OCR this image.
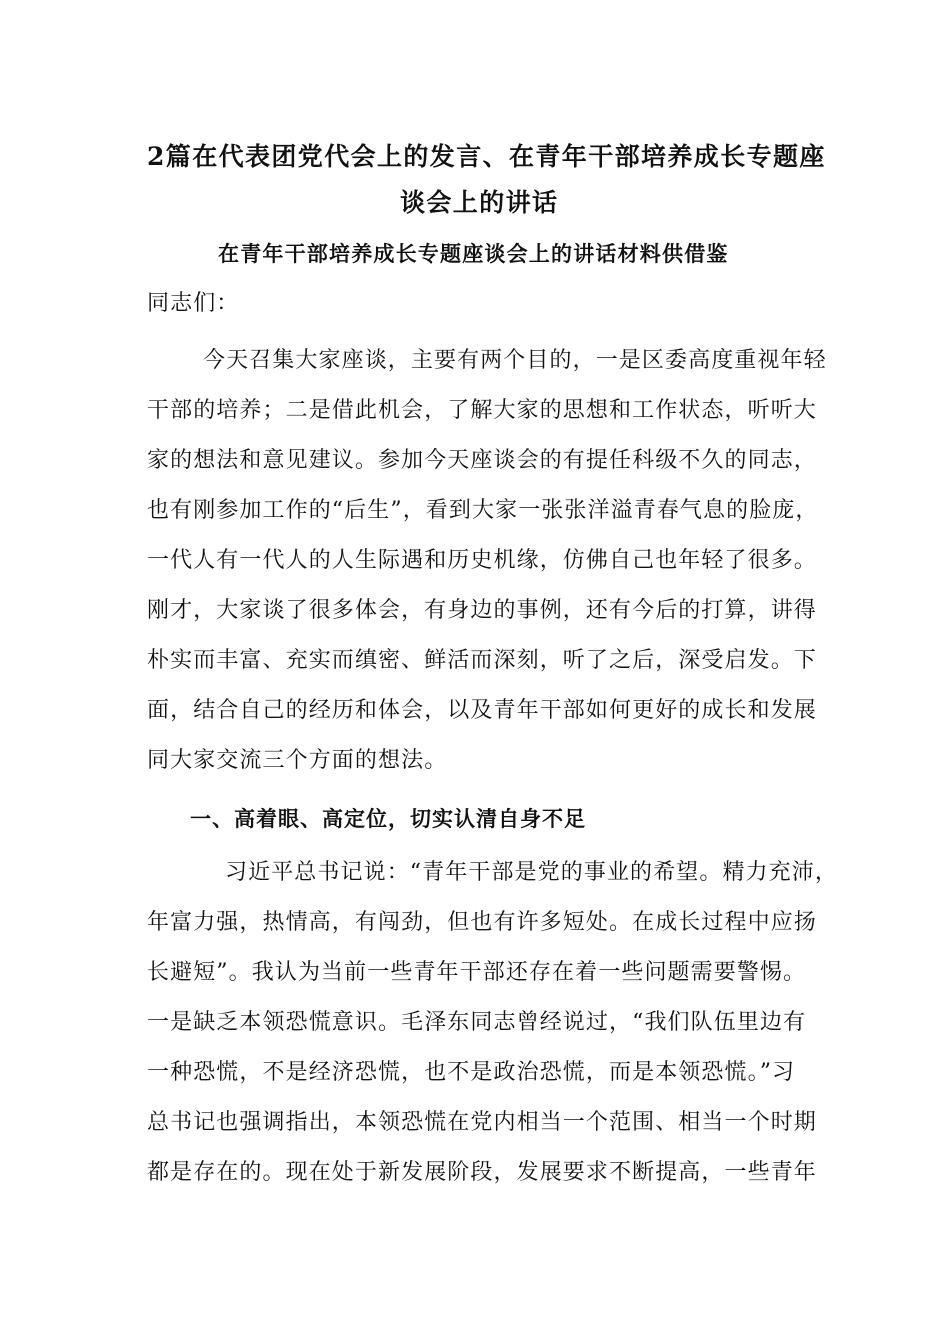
2篇在代表团党代会上的发言、在青年干部培养成长专题座
谈会上的讲话
在青年干部培养成长专题座谈会上的讲话材料供借鉴
同志们：
今天召集大家座谈，主要有两个目的，一是区委高度重视年轻
干部的培养；二是借此机会，了解大家的思想和工作状态，听听大
家的想法和意见建议。参加今天座谈会的有提任科级不久的同志，
也有刚参加工作的“后生”，看到大家一张张洋溢青春气息的脸庞，
一代人有一代人的人生际遇和历史机缘，仿佛自己也年轻了很多。
刚才，大家谈了很多体会，有身边的事例，还有今后的打算，讲得
朴实而丰富、充实而缜密、鲜活而深刻，听了之后，深受启发。下
面，结合自己的经历和体会，以及青年干部如何更好的成长和发展
同大家交流三个方面的想法。
一、高着眼、高定位，切实认清自身不足
习近平总书记说：“青年干部是党的事业的希望。精力充沛，
年富力强，热情高，有闯劲，但也有许多短处。在成长过程中应扬
长避短”。我认为当前一些青年干部还存在着一些问题需要警惕。
一是缺乏本领恐慌意识。毛泽东同志曾经说过，“我们队伍里边有
一种恐慌，不是经济恐慌，也不是政治恐慌，而是本领恐慌。”习
总书记也强调指出，本领恐慌在党内相当一个范围、相当一个时期
都是存在的。现在处于新发展阶段，发展要求不断提高，一些青年
